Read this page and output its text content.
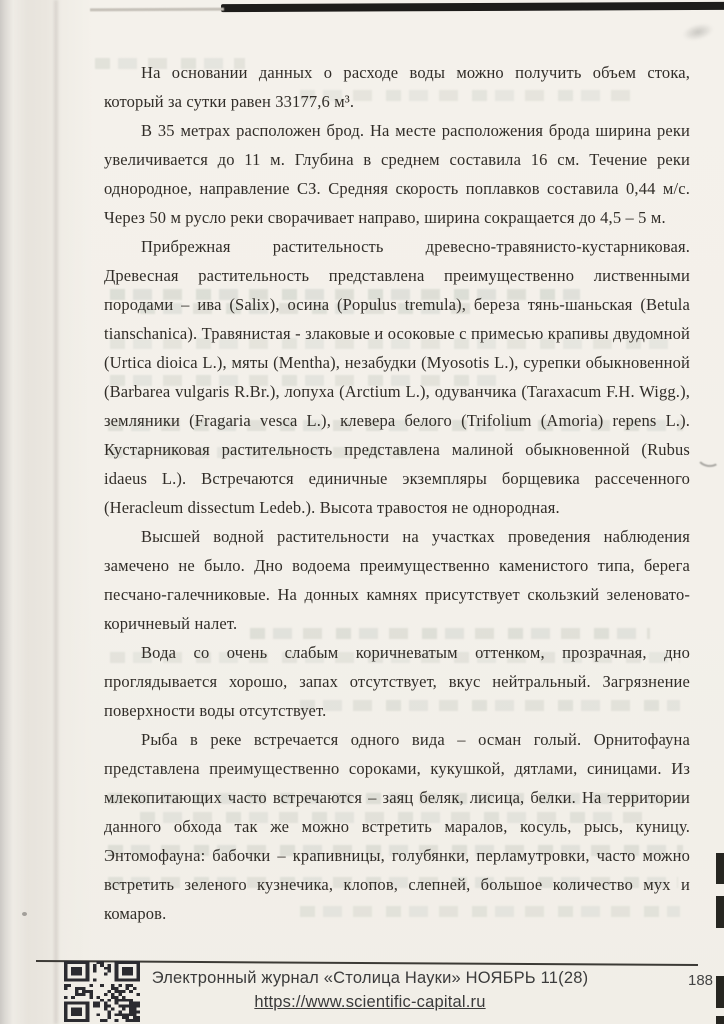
На основании данных о расходе воды можно получить объем стока, который за сутки равен 33177,6 м³.

В 35 метрах расположен брод. На месте расположения брода ширина реки увеличивается до 11 м. Глубина в среднем составила 16 см. Течение реки однородное, направление СЗ. Средняя скорость поплавков составила 0,44 м/с. Через 50 м русло реки сворачивает направо, ширина сокращается до 4,5 – 5 м.

Прибрежная растительность древесно-травянисто-кустарниковая. Древесная растительность представлена преимущественно лиственными породами – ива (Salix), осина (Populus tremula), береза тянь-шаньская (Betula tianschanica). Травянистая - злаковые и осоковые с примесью крапивы двудомной (Urtica dioica L.), мяты (Mentha), незабудки (Myosotis L.), сурепки обыкновенной (Barbarea vulgaris R.Br.), лопуха (Arctium L.), одуванчика (Taraxacum F.H. Wigg.), земляники (Fragaria vesca L.), клевера белого (Trifolium (Amoria) repens L.). Кустарниковая растительность представлена малиной обыкновенной (Rubus idaeus L.). Встречаются единичные экземпляры борщевика рассеченного (Heracleum dissectum Ledeb.). Высота травостоя не однородная.

Высшей водной растительности на участках проведения наблюдения замечено не было. Дно водоема преимущественно каменистого типа, берега песчано-галечниковые. На донных камнях присутствует скользкий зеленовато-коричневый налет.

Вода со очень слабым коричневатым оттенком, прозрачная, дно проглядывается хорошо, запах отсутствует, вкус нейтральный. Загрязнение поверхности воды отсутствует.

Рыба в реке встречается одного вида – осман голый. Орнитофауна представлена преимущественно сороками, кукушкой, дятлами, синицами. Из млекопитающих часто встречаются – заяц беляк, лисица, белки. На территории данного обхода так же можно встретить маралов, косуль, рысь, куницу. Энтомофауна: бабочки – крапивницы, голубянки, перламутровки, часто можно встретить зеленого кузнечика, клопов, слепней, большое количество мух и комаров.

Электронный журнал «Столица Науки» НОЯБРЬ 11(28)
https://www.scientific-capital.ru
188
